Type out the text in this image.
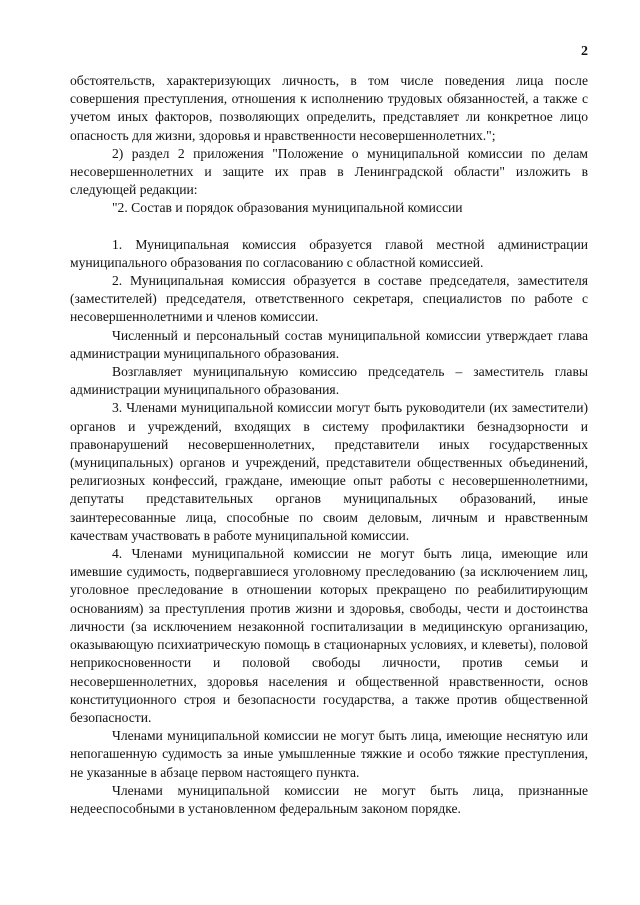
2

обстоятельств, характеризующих личность, в том числе поведения лица после совершения преступления, отношения к исполнению трудовых обязанностей, а также с учетом иных факторов, позволяющих определить, представляет ли конкретное лицо опасность для жизни, здоровья и нравственности несовершеннолетних.";

2) раздел 2 приложения "Положение о муниципальной комиссии по делам несовершеннолетних и защите их прав в Ленинградской области" изложить в следующей редакции:

"2. Состав и порядок образования муниципальной комиссии

1. Муниципальная комиссия образуется главой местной администрации муниципального образования по согласованию с областной комиссией.

2. Муниципальная комиссия образуется в составе председателя, заместителя (заместителей) председателя, ответственного секретаря, специалистов по работе с несовершеннолетними и членов комиссии.

Численный и персональный состав муниципальной комиссии утверждает глава администрации муниципального образования.

Возглавляет муниципальную комиссию председатель – заместитель главы администрации муниципального образования.

3. Членами муниципальной комиссии могут быть руководители (их заместители) органов и учреждений, входящих в систему профилактики безнадзорности и правонарушений несовершеннолетних, представители иных государственных (муниципальных) органов и учреждений, представители общественных объединений, религиозных конфессий, граждане, имеющие опыт работы с несовершеннолетними, депутаты представительных органов муниципальных образований, иные заинтересованные лица, способные по своим деловым, личным и нравственным качествам участвовать в работе муниципальной комиссии.

4. Членами муниципальной комиссии не могут быть лица, имеющие или имевшие судимость, подвергавшиеся уголовному преследованию (за исключением лиц, уголовное преследование в отношении которых прекращено по реабилитирующим основаниям) за преступления против жизни и здоровья, свободы, чести и достоинства личности (за исключением незаконной госпитализации в медицинскую организацию, оказывающую психиатрическую помощь в стационарных условиях, и клеветы), половой неприкосновенности и половой свободы личности, против семьи и несовершеннолетних, здоровья населения и общественной нравственности, основ конституционного строя и безопасности государства, а также против общественной безопасности.

Членами муниципальной комиссии не могут быть лица, имеющие неснятую или непогашенную судимость за иные умышленные тяжкие и особо тяжкие преступления, не указанные в абзаце первом настоящего пункта.

Членами муниципальной комиссии не могут быть лица, признанные недееспособными в установленном федеральным законом порядке.
